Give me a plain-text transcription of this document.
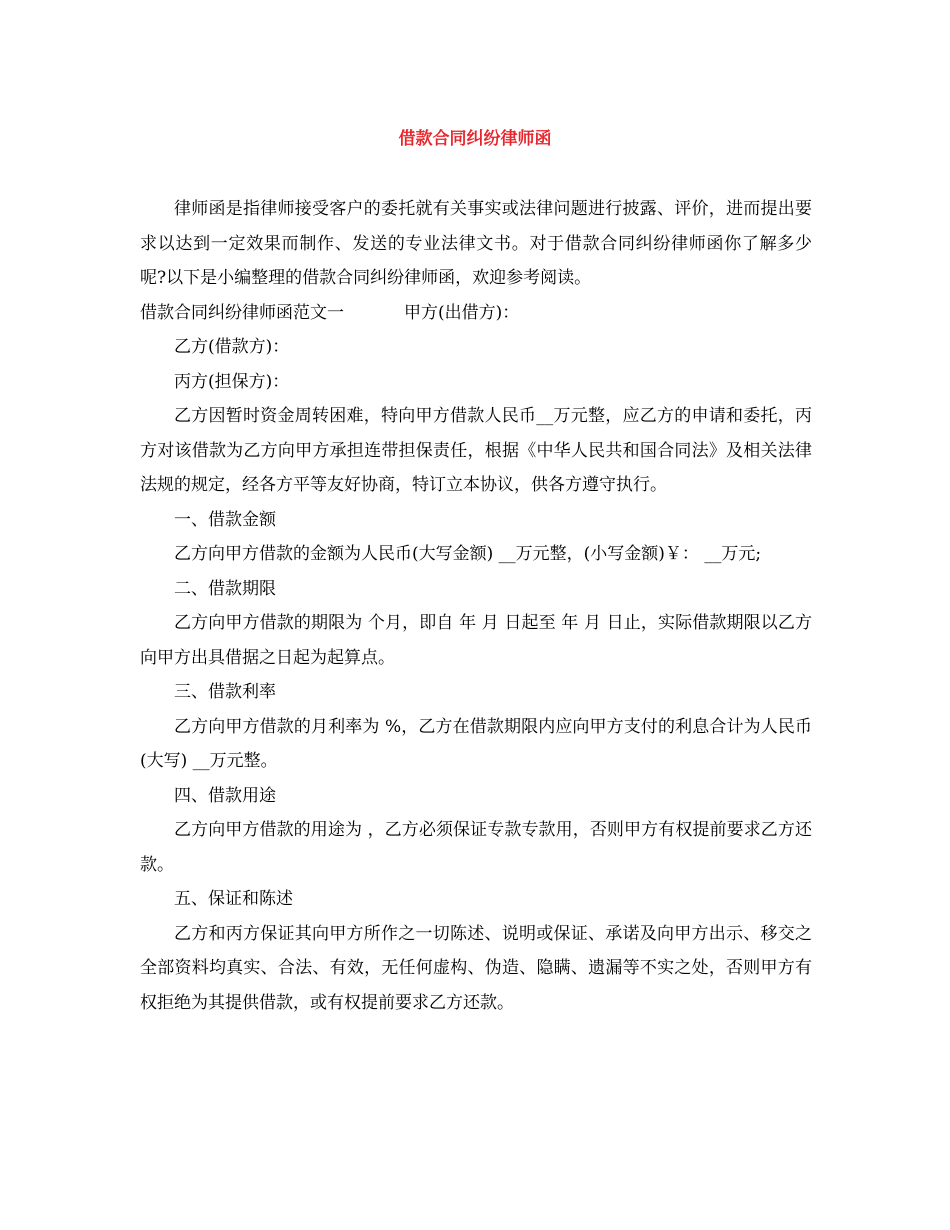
借款合同纠纷律师函

律师函是指律师接受客户的委托就有关事实或法律问题进行披露、评价，进而提出要求以达到一定效果而制作、发送的专业法律文书。对于借款合同纠纷律师函你了解多少呢?以下是小编整理的借款合同纠纷律师函，欢迎参考阅读。

借款合同纠纷律师函范文一	甲方(出借方)：

乙方(借款方)：

丙方(担保方)：

乙方因暂时资金周转困难，特向甲方借款人民币__万元整，应乙方的申请和委托，丙方对该借款为乙方向甲方承担连带担保责任，根据《中华人民共和国合同法》及相关法律法规的规定，经各方平等友好协商，特订立本协议，供各方遵守执行。

一、借款金额

乙方向甲方借款的金额为人民币(大写金额) __万元整，(小写金额)￥： __万元;

二、借款期限

乙方向甲方借款的期限为 个月，即自 年 月 日起至 年 月 日止，实际借款期限以乙方向甲方出具借据之日起为起算点。

三、借款利率

乙方向甲方借款的月利率为 %，乙方在借款期限内应向甲方支付的利息合计为人民币(大写) __万元整。

四、借款用途

乙方向甲方借款的用途为 ，乙方必须保证专款专款用，否则甲方有权提前要求乙方还款。

五、保证和陈述

乙方和丙方保证其向甲方所作之一切陈述、说明或保证、承诺及向甲方出示、移交之全部资料均真实、合法、有效，无任何虚构、伪造、隐瞒、遗漏等不实之处，否则甲方有权拒绝为其提供借款，或有权提前要求乙方还款。
